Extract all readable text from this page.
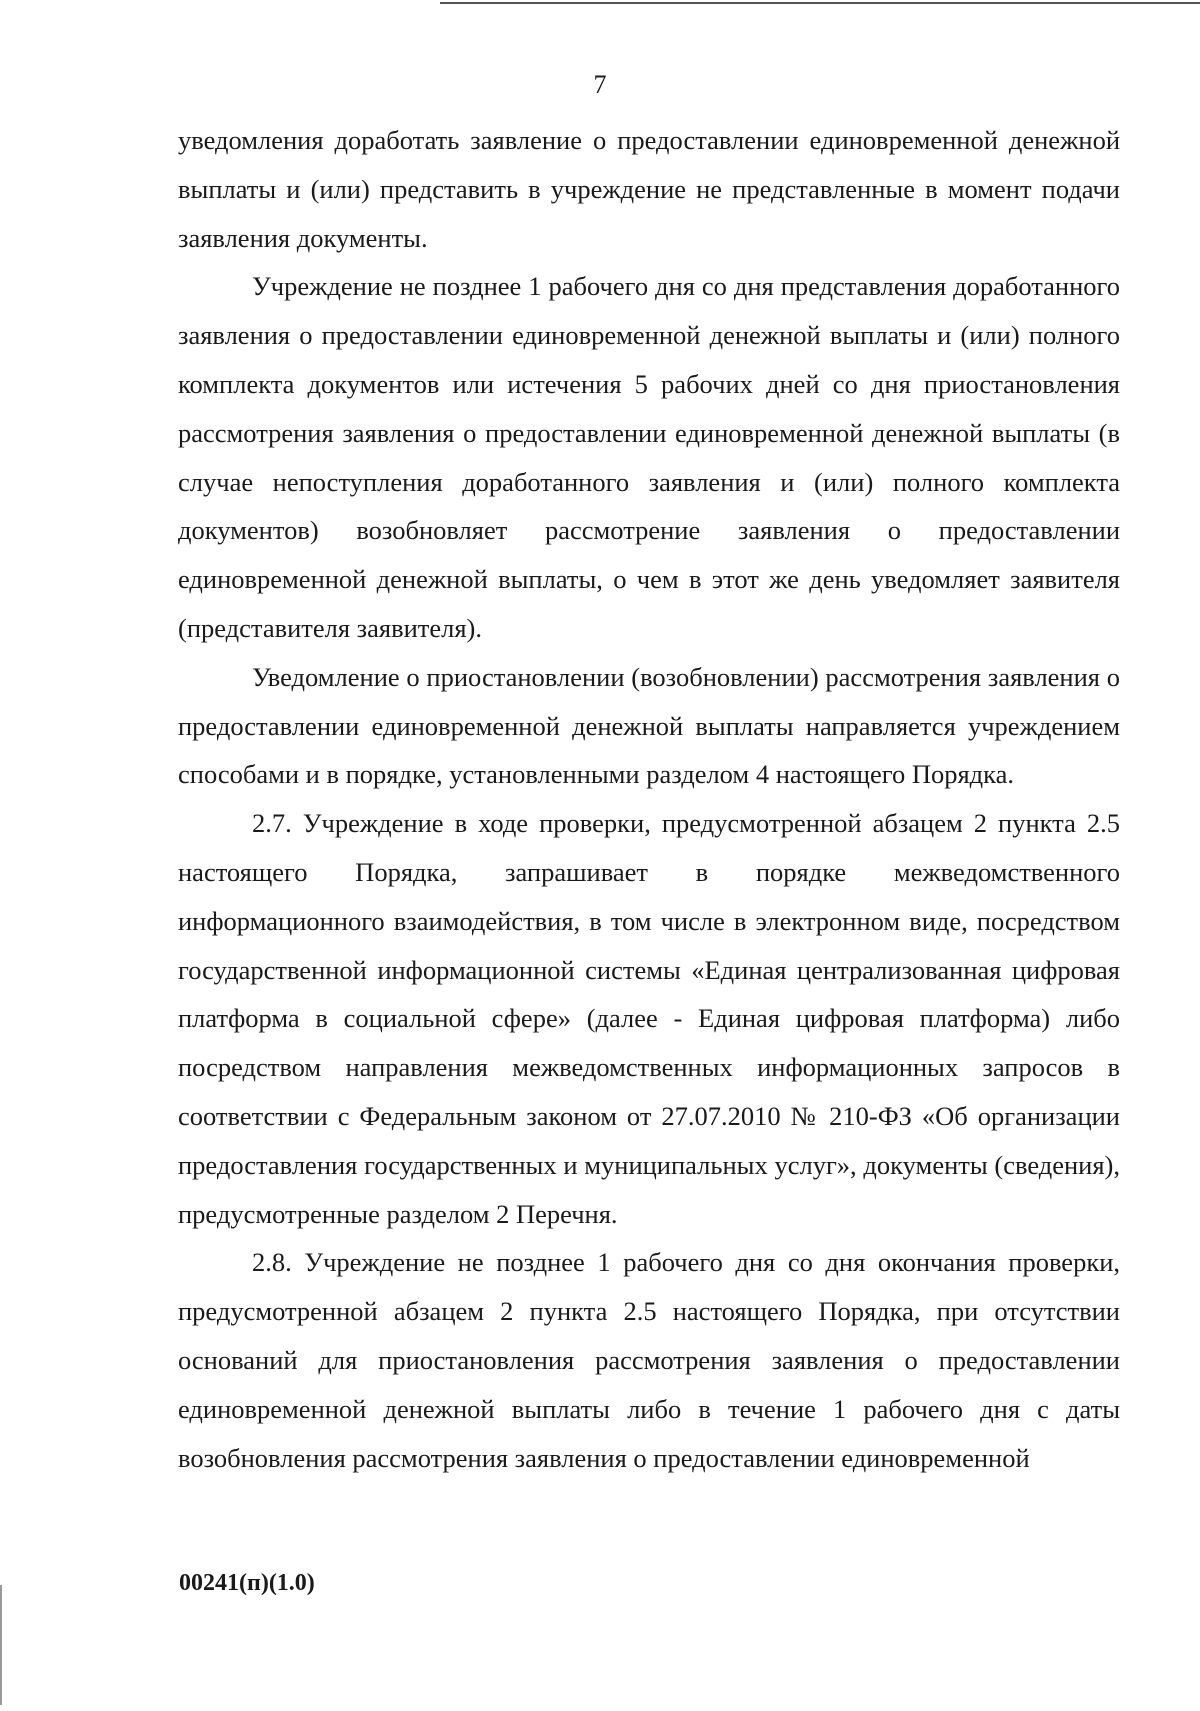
7

уведомления доработать заявление о предоставлении единовременной денежной выплаты и (или) представить в учреждение не представленные в момент подачи заявления документы.

Учреждение не позднее 1 рабочего дня со дня представления доработанного заявления о предоставлении единовременной денежной выплаты и (или) полного комплекта документов или истечения 5 рабочих дней со дня приостановления рассмотрения заявления о предоставлении единовременной денежной выплаты (в случае непоступления доработанного заявления и (или) полного комплекта документов) возобновляет рассмотрение заявления о предоставлении единовременной денежной выплаты, о чем в этот же день уведомляет заявителя (представителя заявителя).

Уведомление о приостановлении (возобновлении) рассмотрения заявления о предоставлении единовременной денежной выплаты направляется учреждением способами и в порядке, установленными разделом 4 настоящего Порядка.

2.7. Учреждение в ходе проверки, предусмотренной абзацем 2 пункта 2.5 настоящего Порядка, запрашивает в порядке межведомственного информационного взаимодействия, в том числе в электронном виде, посредством государственной информационной системы «Единая централизованная цифровая платформа в социальной сфере» (далее - Единая цифровая платформа) либо посредством направления межведомственных информационных запросов в соответствии с Федеральным законом от 27.07.2010 № 210-ФЗ «Об организации предоставления государственных и муниципальных услуг», документы (сведения), предусмотренные разделом 2 Перечня.

2.8. Учреждение не позднее 1 рабочего дня со дня окончания проверки, предусмотренной абзацем 2 пункта 2.5 настоящего Порядка, при отсутствии оснований для приостановления рассмотрения заявления о предоставлении единовременной денежной выплаты либо в течение 1 рабочего дня с даты возобновления рассмотрения заявления о предоставлении единовременной

00241(п)(1.0)
